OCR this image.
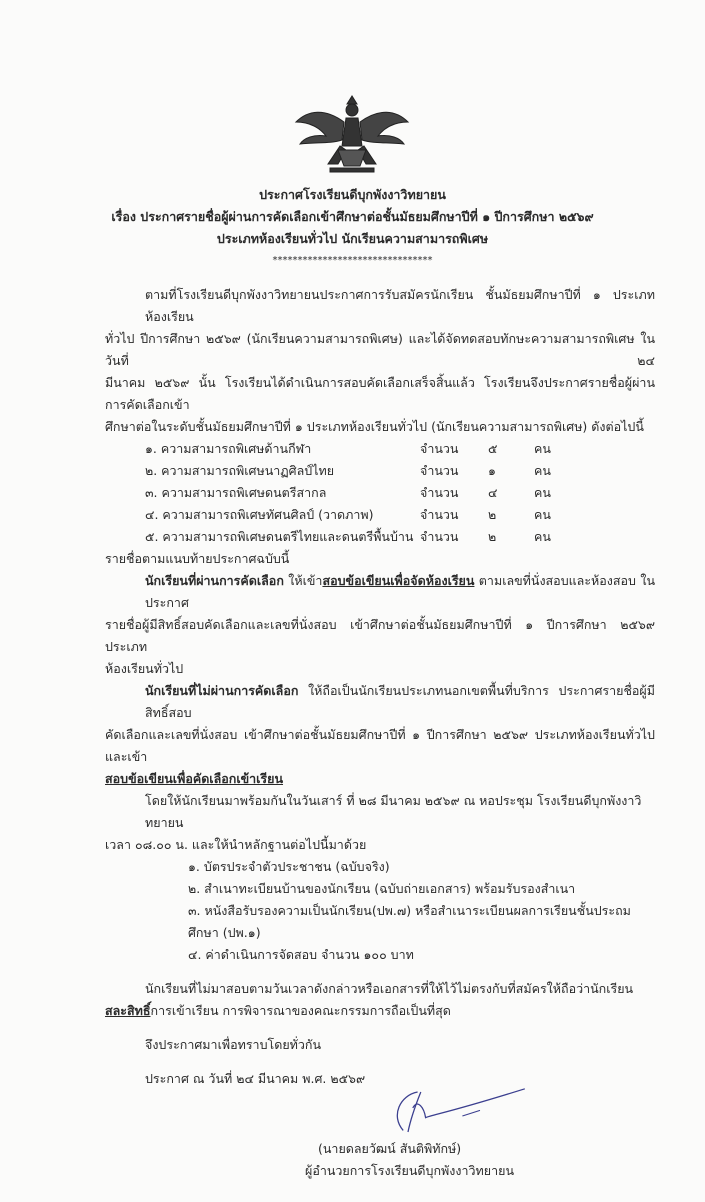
ประกาศโรงเรียนดีบุกพังงาวิทยายน
เรื่อง ประกาศรายชื่อผู้ผ่านการคัดเลือกเข้าศึกษาต่อชั้นมัธยมศึกษาปีที่ ๑ ปีการศึกษา ๒๕๖๙
ประเภทห้องเรียนทั่วไป นักเรียนความสามารถพิเศษ
********************************
ตามที่โรงเรียนดีบุกพังงาวิทยายนประกาศการรับสมัครนักเรียน ชั้นมัธยมศึกษาปีที่ ๑ ประเภทห้องเรียน
ทั่วไป ปีการศึกษา ๒๕๖๙ (นักเรียนความสามารถพิเศษ) และได้จัดทดสอบทักษะความสามารถพิเศษ ในวันที่ ๒๔
มีนาคม ๒๕๖๙ นั้น โรงเรียนได้ดำเนินการสอบคัดเลือกเสร็จสิ้นแล้ว โรงเรียนจึงประกาศรายชื่อผู้ผ่านการคัดเลือกเข้า
ศึกษาต่อในระดับชั้นมัธยมศึกษาปีที่ ๑ ประเภทห้องเรียนทั่วไป (นักเรียนความสามารถพิเศษ) ดังต่อไปนี้
๑. ความสามารถพิเศษด้านกีฬา	จำนวน	๕	คน
๒. ความสามารถพิเศษนาฏศิลป์ไทย	จำนวน	๑	คน
๓. ความสามารถพิเศษดนตรีสากล	จำนวน	๔	คน
๔. ความสามารถพิเศษทัศนศิลป์ (วาดภาพ)	จำนวน	๒	คน
๕. ความสามารถพิเศษดนตรีไทยและดนตรีพื้นบ้าน จำนวน	๒	คน
รายชื่อตามแนบท้ายประกาศฉบับนี้
นักเรียนที่ผ่านการคัดเลือก ให้เข้าสอบข้อเขียนเพื่อจัดห้องเรียน ตามเลขที่นั่งสอบและห้องสอบ ในประกาศ
รายชื่อผู้มีสิทธิ์สอบคัดเลือกและเลขที่นั่งสอบ เข้าศึกษาต่อชั้นมัธยมศึกษาปีที่ ๑ ปีการศึกษา ๒๕๖๙ ประเภท
ห้องเรียนทั่วไป
นักเรียนที่ไม่ผ่านการคัดเลือก ให้ถือเป็นนักเรียนประเภทนอกเขตพื้นที่บริการ ประกาศรายชื่อผู้มีสิทธิ์สอบ
คัดเลือกและเลขที่นั่งสอบ เข้าศึกษาต่อชั้นมัธยมศึกษาปีที่ ๑ ปีการศึกษา ๒๕๖๙ ประเภทห้องเรียนทั่วไป และเข้า
สอบข้อเขียนเพื่อคัดเลือกเข้าเรียน
โดยให้นักเรียนมาพร้อมกันในวันเสาร์ ที่ ๒๘ มีนาคม ๒๕๖๙ ณ หอประชุม โรงเรียนดีบุกพังงาวิทยายน
เวลา ๐๘.๐๐ น. และให้นำหลักฐานต่อไปนี้มาด้วย
๑. บัตรประจำตัวประชาชน (ฉบับจริง)
๒. สำเนาทะเบียนบ้านของนักเรียน (ฉบับถ่ายเอกสาร) พร้อมรับรองสำเนา
๓. หนังสือรับรองความเป็นนักเรียน(ปพ.๗) หรือสำเนาระเบียนผลการเรียนชั้นประถมศึกษา (ปพ.๑)
๔. ค่าดำเนินการจัดสอบ จำนวน ๑๐๐ บาท
นักเรียนที่ไม่มาสอบตามวันเวลาดังกล่าวหรือเอกสารที่ให้ไว้ไม่ตรงกับที่สมัครให้ถือว่านักเรียน
สละสิทธิ์การเข้าเรียน การพิจารณาของคณะกรรมการถือเป็นที่สุด
จึงประกาศมาเพื่อทราบโดยทั่วกัน
ประกาศ ณ วันที่ ๒๔ มีนาคม พ.ศ. ๒๕๖๙
(นายดลยวัฒน์ สันติพิทักษ์)
ผู้อำนวยการโรงเรียนดีบุกพังงาวิทยายน
